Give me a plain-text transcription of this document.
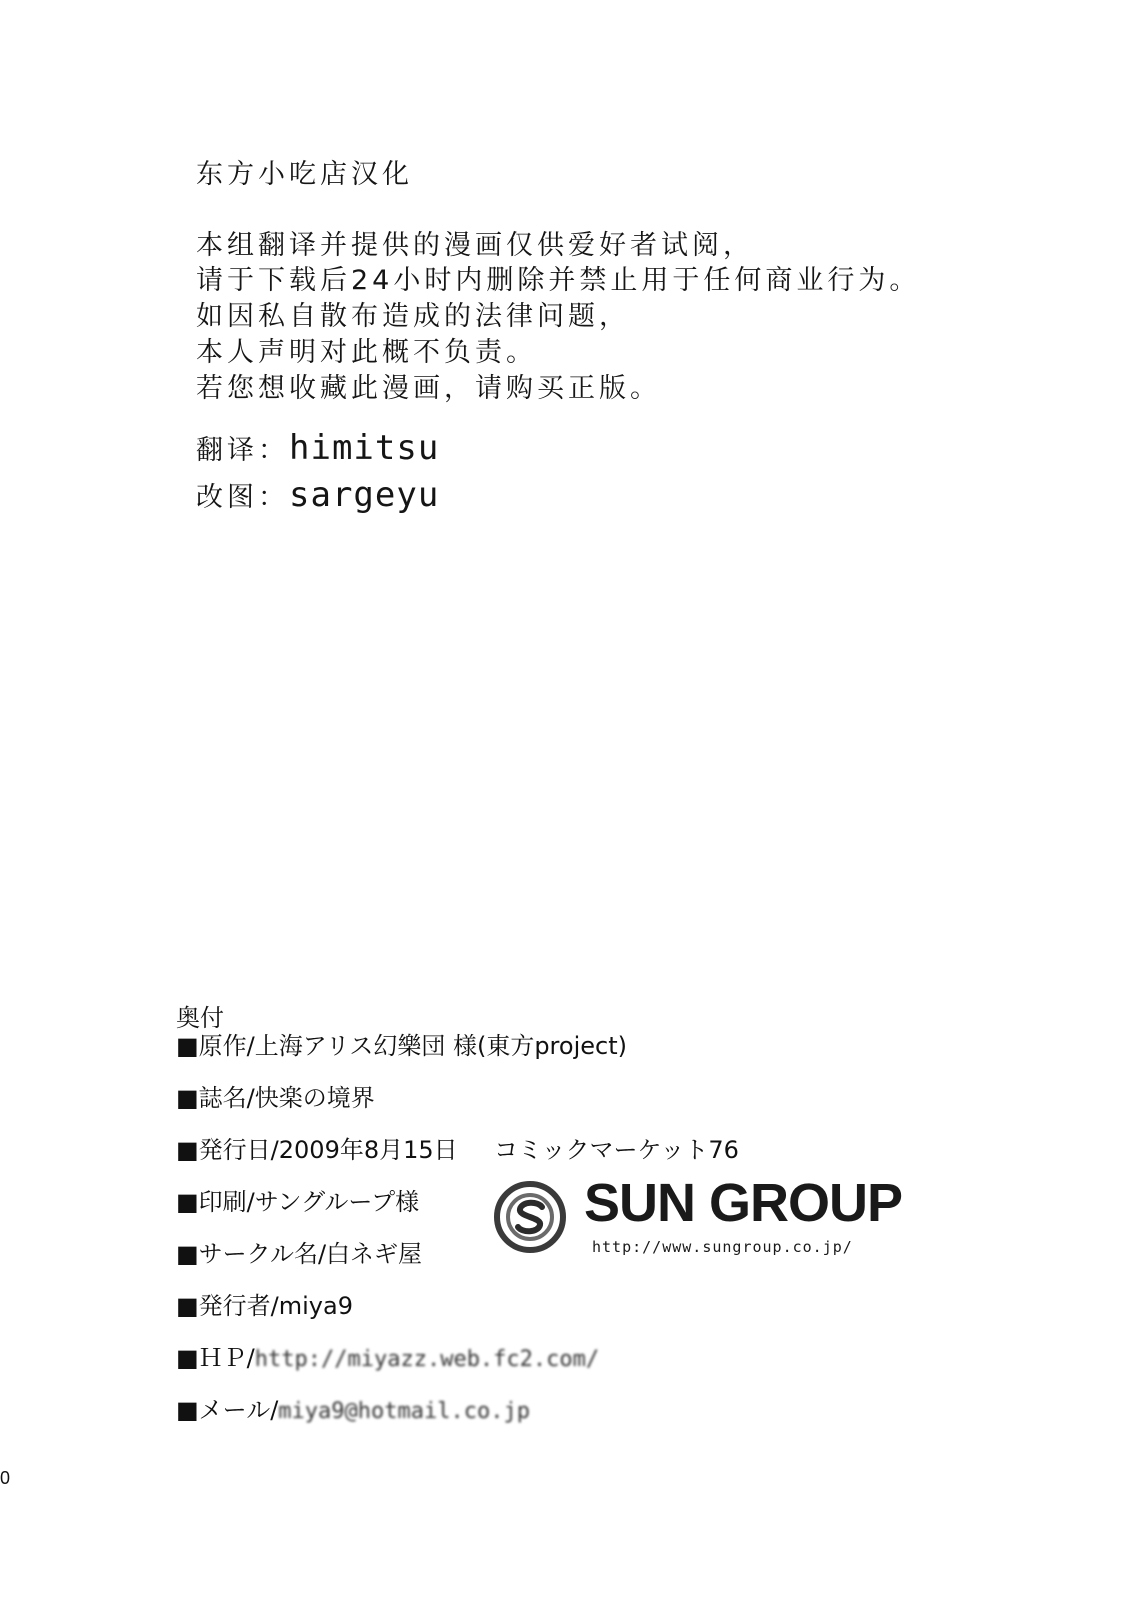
东方小吃店汉化
本组翻译并提供的漫画仅供爱好者试阅，
请于下载后24小时内删除并禁止用于任何商业行为。
如因私自散布造成的法律问题，
本人声明对此概不负责。
若您想收藏此漫画，请购买正版。
翻译：himitsu
改图：sargeyu
奥付
■原作/上海アリス幻樂団 様(東方project)
■誌名/快楽の境界
■発行日/2009年8月15日 コミックマーケット76
■印刷/サングループ様
■サークル名/白ネギ屋
■発行者/miya9
■ＨＰ/http://miyazz.web.fc2.com/
■メール/miya9@hotmail.co.jp
SUN GROUP
http://www.sungroup.co.jp/
0
